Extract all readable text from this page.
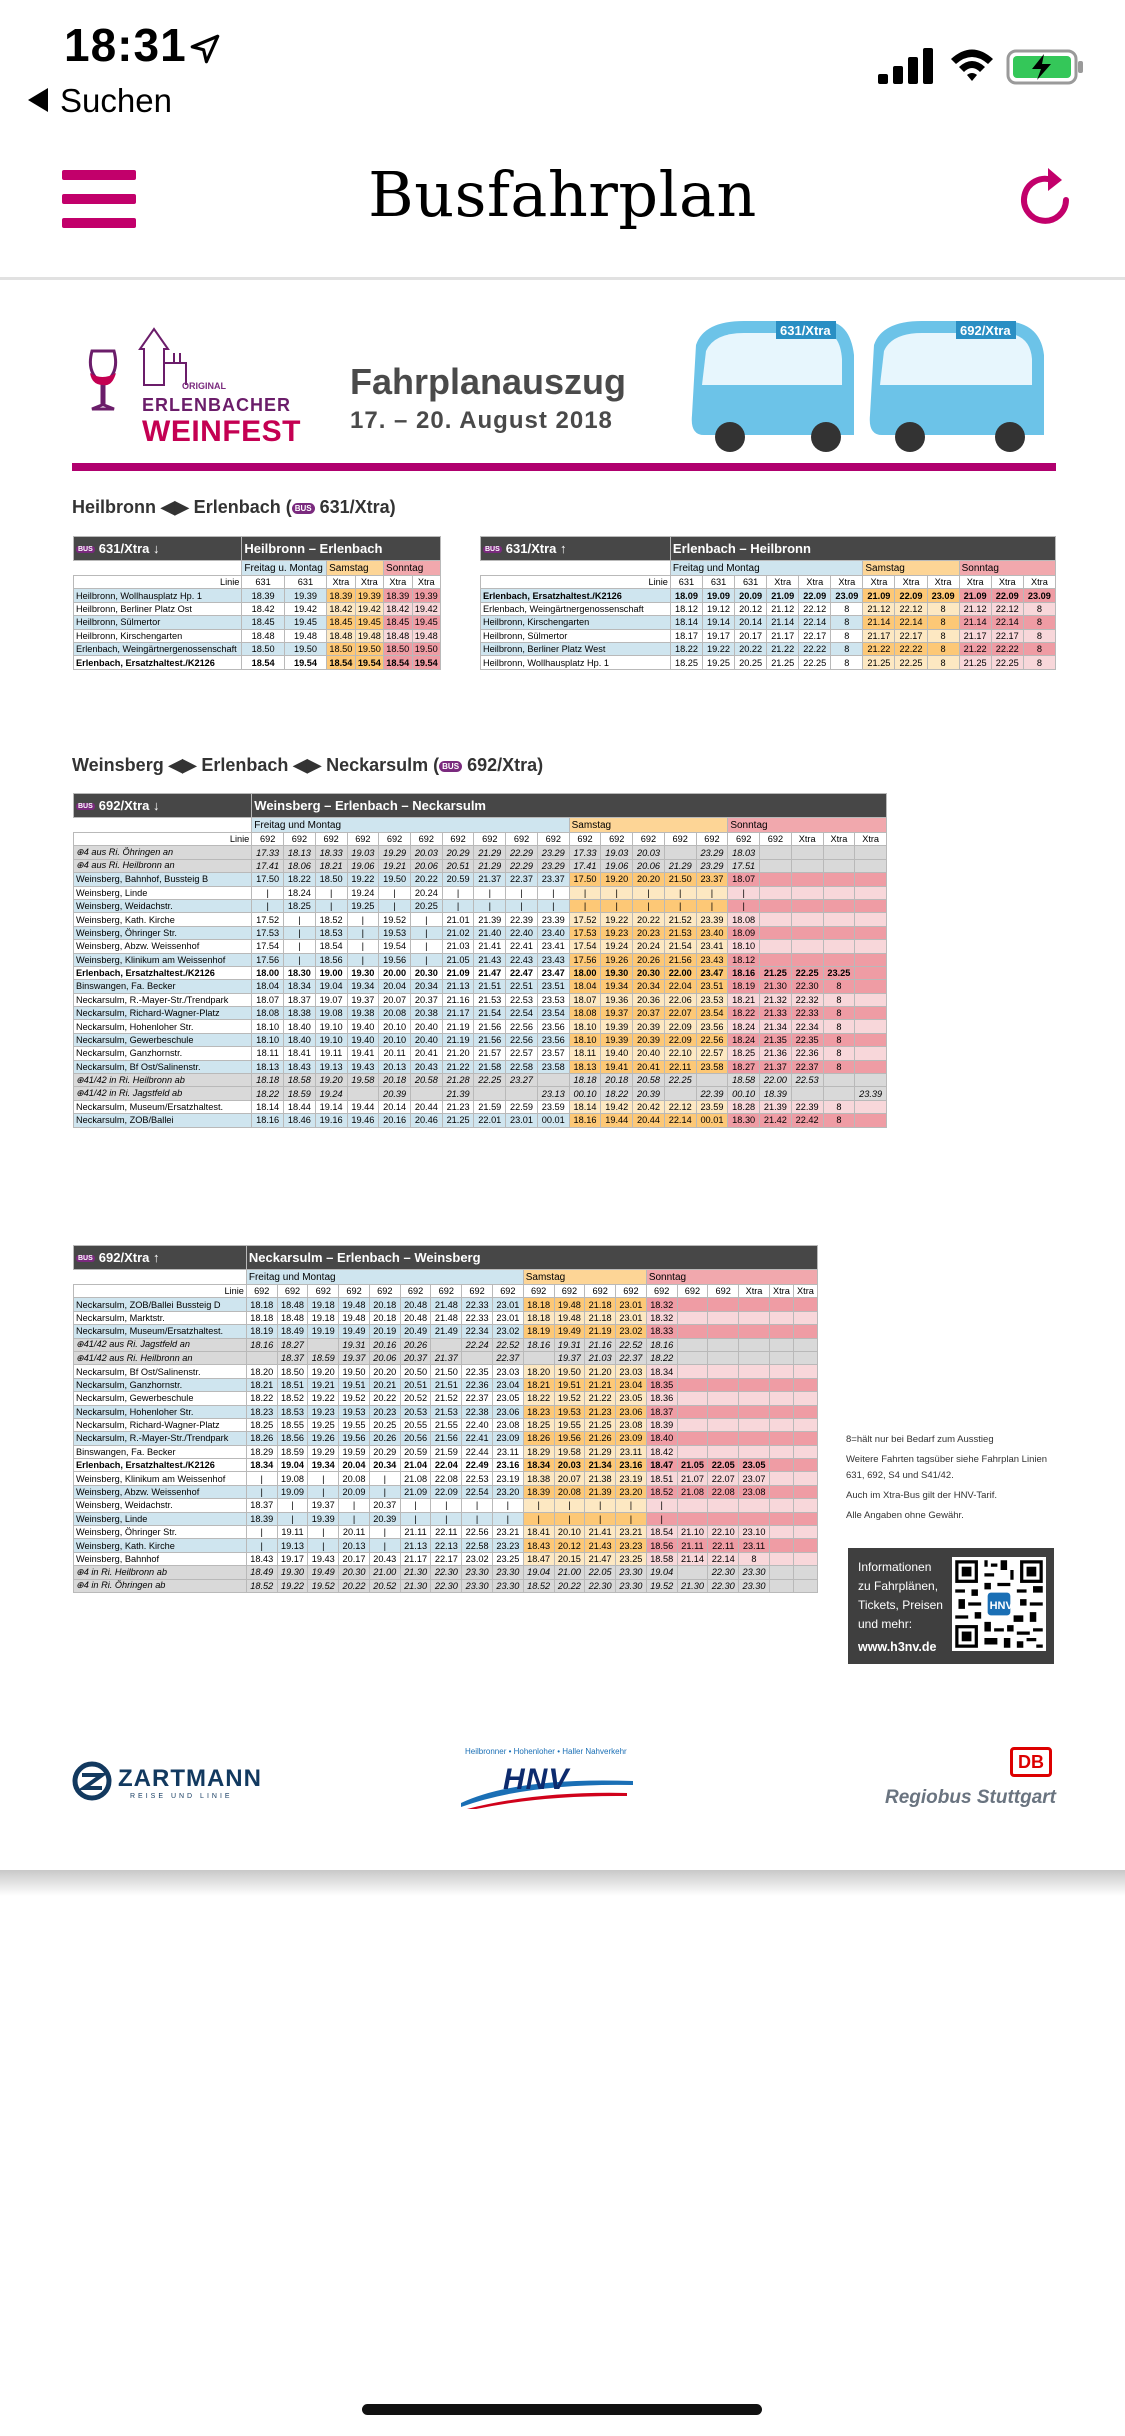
18:31
Suchen
Busfahrplan
ORIGINAL
ERLENBACHER
WEINFEST
Fahrplanauszug
17. – 20. August 2018
631/Xtra	692/Xtra
Heilbronn ◀▶ Erlenbach ( BUS 631/Xtra)
BUS 631/Xtra ↓	Heilbronn – Erlenbach					
	Freitag u. Montag		Samstag		Sonntag	
Linie	631	631	Xtra	Xtra	Xtra	Xtra
Heilbronn, Wollhausplatz Hp. 1	18.39	19.39	18.39	19.39	18.39	19.39
Heilbronn, Berliner Platz Ost	18.42	19.42	18.42	19.42	18.42	19.42
Heilbronn, Sülmertor	18.45	19.45	18.45	19.45	18.45	19.45
Heilbronn, Kirschengarten	18.48	19.48	18.48	19.48	18.48	19.48
Erlenbach, Weingärtnergenossenschaft	18.50	19.50	18.50	19.50	18.50	19.50
Erlenbach, Ersatzhaltest./K2126	18.54	19.54	18.54	19.54	18.54	19.54
BUS 631/Xtra ↑	Erlenbach – Heilbronn											
	Freitag und Montag						Samstag			Sonntag		
Linie	631	631	631	Xtra	Xtra	Xtra	Xtra	Xtra	Xtra	Xtra	Xtra	Xtra
Erlenbach, Ersatzhaltest./K2126	18.09	19.09	20.09	21.09	22.09	23.09	21.09	22.09	23.09	21.09	22.09	23.09
Erlenbach, Weingärtnergenossenschaft	18.12	19.12	20.12	21.12	22.12	8	21.12	22.12	8	21.12	22.12	8
Heilbronn, Kirschengarten	18.14	19.14	20.14	21.14	22.14	8	21.14	22.14	8	21.14	22.14	8
Heilbronn, Sülmertor	18.17	19.17	20.17	21.17	22.17	8	21.17	22.17	8	21.17	22.17	8
Heilbronn, Berliner Platz West	18.22	19.22	20.22	21.22	22.22	8	21.22	22.22	8	21.22	22.22	8
Heilbronn, Wollhausplatz Hp. 1	18.25	19.25	20.25	21.25	22.25	8	21.25	22.25	8	21.25	22.25	8
Weinsberg ◀▶ Erlenbach ◀▶ Neckarsulm ( BUS 692/Xtra)
BUS 692/Xtra ↓	Weinsberg – Erlenbach – Neckarsulm																			
	Freitag und Montag										Samstag					Sonntag				
Linie	692	692	692	692	692	692	692	692	692	692	692	692	692	692	692	692	692	Xtra	Xtra	Xtra
⊕4 aus Ri. Öhringen an	17.33	18.13	18.33	19.03	19.29	20.03	20.29	21.29	22.29	23.29	17.33	19.03	20.03		23.29	18.03				
⊕4 aus Ri. Heilbronn an	17.41	18.06	18.21	19.06	19.21	20.06	20.51	21.29	22.29	23.29	17.41	19.06	20.06	21.29	23.29	17.51				
Weinsberg, Bahnhof, Bussteig B	17.50	18.22	18.50	19.22	19.50	20.22	20.59	21.37	22.37	23.37	17.50	19.20	20.20	21.50	23.37	18.07				
Weinsberg, Linde	|	18.24	|	19.24	|	20.24	|	|	|	|	|	|	|	|	|	|				
Weinsberg, Weidachstr.	|	18.25	|	19.25	|	20.25	|	|	|	|	|	|	|	|	|	|				
Weinsberg, Kath. Kirche	17.52	|	18.52	|	19.52	|	21.01	21.39	22.39	23.39	17.52	19.22	20.22	21.52	23.39	18.08				
Weinsberg, Öhringer Str.	17.53	|	18.53	|	19.53	|	21.02	21.40	22.40	23.40	17.53	19.23	20.23	21.53	23.40	18.09				
Weinsberg, Abzw. Weissenhof	17.54	|	18.54	|	19.54	|	21.03	21.41	22.41	23.41	17.54	19.24	20.24	21.54	23.41	18.10				
Weinsberg, Klinikum am Weissenhof	17.56	|	18.56	|	19.56	|	21.05	21.43	22.43	23.43	17.56	19.26	20.26	21.56	23.43	18.12				
Erlenbach, Ersatzhaltest./K2126	18.00	18.30	19.00	19.30	20.00	20.30	21.09	21.47	22.47	23.47	18.00	19.30	20.30	22.00	23.47	18.16	21.25	22.25	23.25	
Binswangen, Fa. Becker	18.04	18.34	19.04	19.34	20.04	20.34	21.13	21.51	22.51	23.51	18.04	19.34	20.34	22.04	23.51	18.19	21.30	22.30	8	
Neckarsulm, R.-Mayer-Str./Trendpark	18.07	18.37	19.07	19.37	20.07	20.37	21.16	21.53	22.53	23.53	18.07	19.36	20.36	22.06	23.53	18.21	21.32	22.32	8	
Neckarsulm, Richard-Wagner-Platz	18.08	18.38	19.08	19.38	20.08	20.38	21.17	21.54	22.54	23.54	18.08	19.37	20.37	22.07	23.54	18.22	21.33	22.33	8	
Neckarsulm, Hohenloher Str.	18.10	18.40	19.10	19.40	20.10	20.40	21.19	21.56	22.56	23.56	18.10	19.39	20.39	22.09	23.56	18.24	21.34	22.34	8	
Neckarsulm, Gewerbeschule	18.10	18.40	19.10	19.40	20.10	20.40	21.19	21.56	22.56	23.56	18.10	19.39	20.39	22.09	22.56	18.24	21.35	22.35	8	
Neckarsulm, Ganzhornstr.	18.11	18.41	19.11	19.41	20.11	20.41	21.20	21.57	22.57	23.57	18.11	19.40	20.40	22.10	22.57	18.25	21.36	22.36	8	
Neckarsulm, Bf Ost/Salinenstr.	18.13	18.43	19.13	19.43	20.13	20.43	21.22	21.58	22.58	23.58	18.13	19.41	20.41	22.11	23.58	18.27	21.37	22.37	8	
⊕41/42 in Ri. Heilbronn ab	18.18	18.58	19.20	19.58	20.18	20.58	21.28	22.25	23.27		18.18	20.18	20.58	22.25		18.58	22.00	22.53		
⊕41/42 in Ri. Jagstfeld ab	18.22	18.59	19.24		20.39		21.39			23.13	00.10	18.22	20.39		22.39	00.10	18.39			23.39
Neckarsulm, Museum/Ersatzhaltest.	18.14	18.44	19.14	19.44	20.14	20.44	21.23	21.59	22.59	23.59	18.14	19.42	20.42	22.12	23.59	18.28	21.39	22.39	8	
Neckarsulm, ZOB/Ballei	18.16	18.46	19.16	19.46	20.16	20.46	21.25	22.01	23.01	00.01	18.16	19.44	20.44	22.14	00.01	18.30	21.42	22.42	8	
BUS 692/Xtra ↑	Neckarsulm – Erlenbach – Weinsberg																		
	Freitag und Montag									Samstag				Sonntag					
Linie	692	692	692	692	692	692	692	692	692	692	692	692	692	692	692	692	Xtra	Xtra	Xtra
Neckarsulm, ZOB/Ballei Bussteig D	18.18	18.48	19.18	19.48	20.18	20.48	21.48	22.33	23.01	18.18	19.48	21.18	23.01	18.32					
Neckarsulm, Marktstr.	18.18	18.48	19.18	19.48	20.18	20.48	21.48	22.33	23.01	18.18	19.48	21.18	23.01	18.32					
Neckarsulm, Museum/Ersatzhaltest.	18.19	18.49	19.19	19.49	20.19	20.49	21.49	22.34	23.02	18.19	19.49	21.19	23.02	18.33					
⊕41/42 aus Ri. Jagstfeld an	18.16	18.27		19.31	20.16	20.26		22.24	22.52	18.16	19.31	21.16	22.52	18.16					
⊕41/42 aus Ri. Heilbronn an		18.37	18.59	19.37	20.06	20.37	21.37		22.37		19.37	21.03	22.37	18.22					
Neckarsulm, Bf Ost/Salinenstr.	18.20	18.50	19.20	19.50	20.20	20.50	21.50	22.35	23.03	18.20	19.50	21.20	23.03	18.34					
Neckarsulm, Ganzhornstr.	18.21	18.51	19.21	19.51	20.21	20.51	21.51	22.36	23.04	18.21	19.51	21.21	23.04	18.35					
Neckarsulm, Gewerbeschule	18.22	18.52	19.22	19.52	20.22	20.52	21.52	22.37	23.05	18.22	19.52	21.22	23.05	18.36					
Neckarsulm, Hohenloher Str.	18.23	18.53	19.23	19.53	20.23	20.53	21.53	22.38	23.06	18.23	19.53	21.23	23.06	18.37					
Neckarsulm, Richard-Wagner-Platz	18.25	18.55	19.25	19.55	20.25	20.55	21.55	22.40	23.08	18.25	19.55	21.25	23.08	18.39					
Neckarsulm, R.-Mayer-Str./Trendpark	18.26	18.56	19.26	19.56	20.26	20.56	21.56	22.41	23.09	18.26	19.56	21.26	23.09	18.40					
Binswangen, Fa. Becker	18.29	18.59	19.29	19.59	20.29	20.59	21.59	22.44	23.11	18.29	19.58	21.29	23.11	18.42					
Erlenbach, Ersatzhaltest./K2126	18.34	19.04	19.34	20.04	20.34	21.04	22.04	22.49	23.16	18.34	20.03	21.34	23.16	18.47	21.05	22.05	23.05		
Weinsberg, Klinikum am Weissenhof	|	19.08	|	20.08	|	21.08	22.08	22.53	23.19	18.38	20.07	21.38	23.19	18.51	21.07	22.07	23.07		
Weinsberg, Abzw. Weissenhof	|	19.09	|	20.09	|	21.09	22.09	22.54	23.20	18.39	20.08	21.39	23.20	18.52	21.08	22.08	23.08		
Weinsberg, Weidachstr.	18.37	|	19.37	|	20.37	|	|	|	|	|	|	|	|	|					
Weinsberg, Linde	18.39	|	19.39	|	20.39	|	|	|	|	|	|	|	|	|					
Weinsberg, Öhringer Str.	|	19.11	|	20.11	|	21.11	22.11	22.56	23.21	18.41	20.10	21.41	23.21	18.54	21.10	22.10	23.10		
Weinsberg, Kath. Kirche	|	19.13	|	20.13	|	21.13	22.13	22.58	23.23	18.43	20.12	21.43	23.23	18.56	21.11	22.11	23.11		
Weinsberg, Bahnhof	18.43	19.17	19.43	20.17	20.43	21.17	22.17	23.02	23.25	18.47	20.15	21.47	23.25	18.58	21.14	22.14	8		
⊕4 in Ri. Heilbronn ab	18.49	19.30	19.49	20.30	21.00	21.30	22.30	23.30	23.30	19.04	21.00	22.05	23.30	19.04		22.30	23.30		
⊕4 in Ri. Öhringen ab	18.52	19.22	19.52	20.22	20.52	21.30	22.30	23.30	23.30	18.52	20.22	22.30	23.30	19.52	21.30	22.30	23.30		
8=hält nur bei Bedarf zum Ausstieg
Weitere Fahrten tagsüber siehe Fahrplan Linien 631, 692, S4 und S41/42.
Auch im Xtra-Bus gilt der HNV-Tarif.
Alle Angaben ohne Gewähr.
Informationen
zu Fahrplänen,
Tickets, Preisen
und mehr:
www.h3nv.de
HNV
ZARTMANN
REISE UND LINIE
Heilbronner • Hohenloher • Haller Nahverkehr
HNV
DB
Regiobus Stuttgart
